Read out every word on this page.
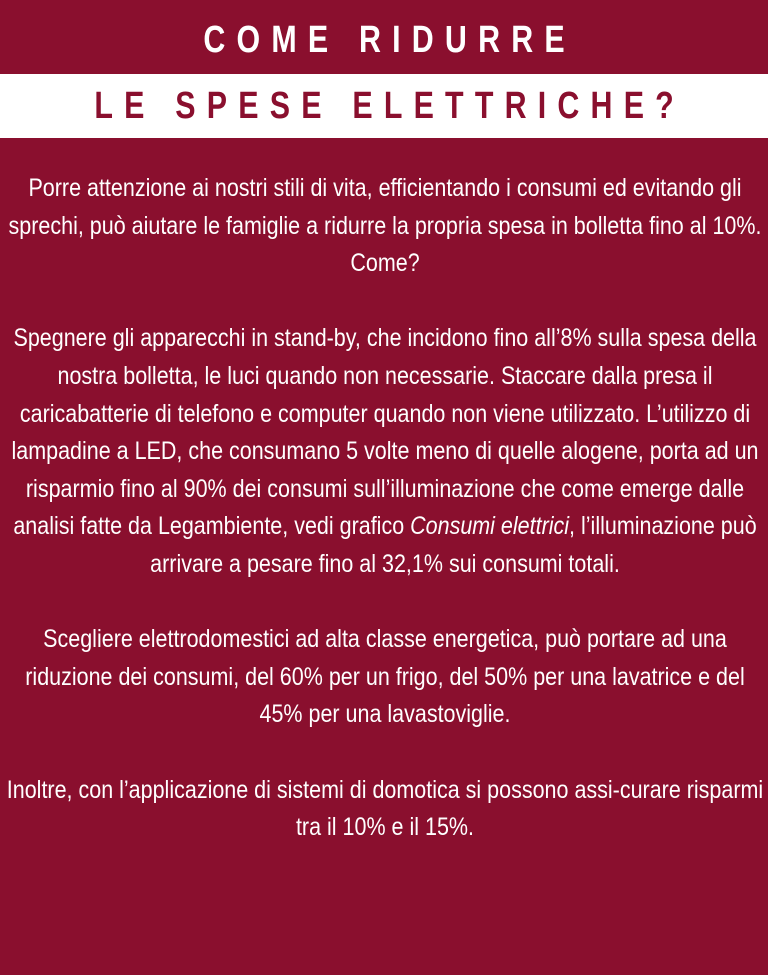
COME RIDURRE
LE SPESE ELETTRICHE?

Porre attenzione ai nostri stili di vita, efficientando i consumi ed evitando gli sprechi, può aiutare le famiglie a ridurre la propria spesa in bolletta fino al 10%. Come?

Spegnere gli apparecchi in stand-by, che incidono fino all’8% sulla spesa della nostra bolletta, le luci quando non necessarie. Staccare dalla presa il caricabatterie di telefono e computer quando non viene utilizzato. L’utilizzo di lampadine a LED, che consumano 5 volte meno di quelle alogene, porta ad un risparmio fino al 90% dei consumi sull’illuminazione che come emerge dalle analisi fatte da Legambiente, vedi grafico Consumi elettrici, l’illuminazione può arrivare a pesare fino al 32,1% sui consumi totali.

Scegliere elettrodomestici ad alta classe energetica, può portare ad una riduzione dei consumi, del 60% per un frigo, del 50% per una lavatrice e del 45% per una lavastoviglie.

Inoltre, con l’applicazione di sistemi di domotica si possono assi-curare risparmi tra il 10% e il 15%.
